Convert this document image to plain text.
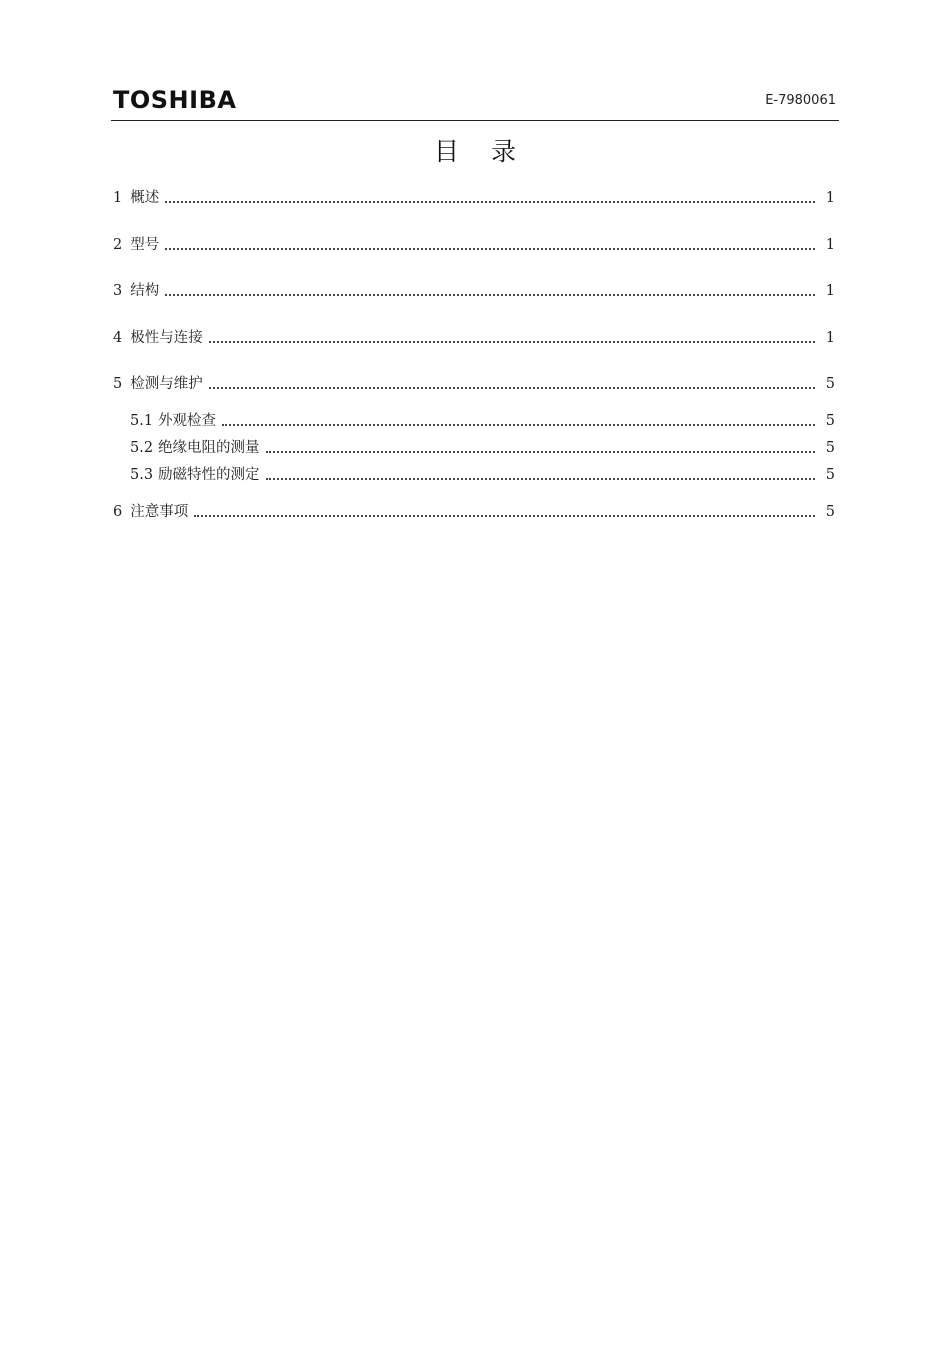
TOSHIBA	E-7980061
目 录
1 概述	1
2 型号	1
3 结构	1
4 极性与连接	1
5 检测与维护	5
5.1 外观检查	5
5.2 绝缘电阻的测量	5
5.3 励磁特性的测定	5
6 注意事项	5
